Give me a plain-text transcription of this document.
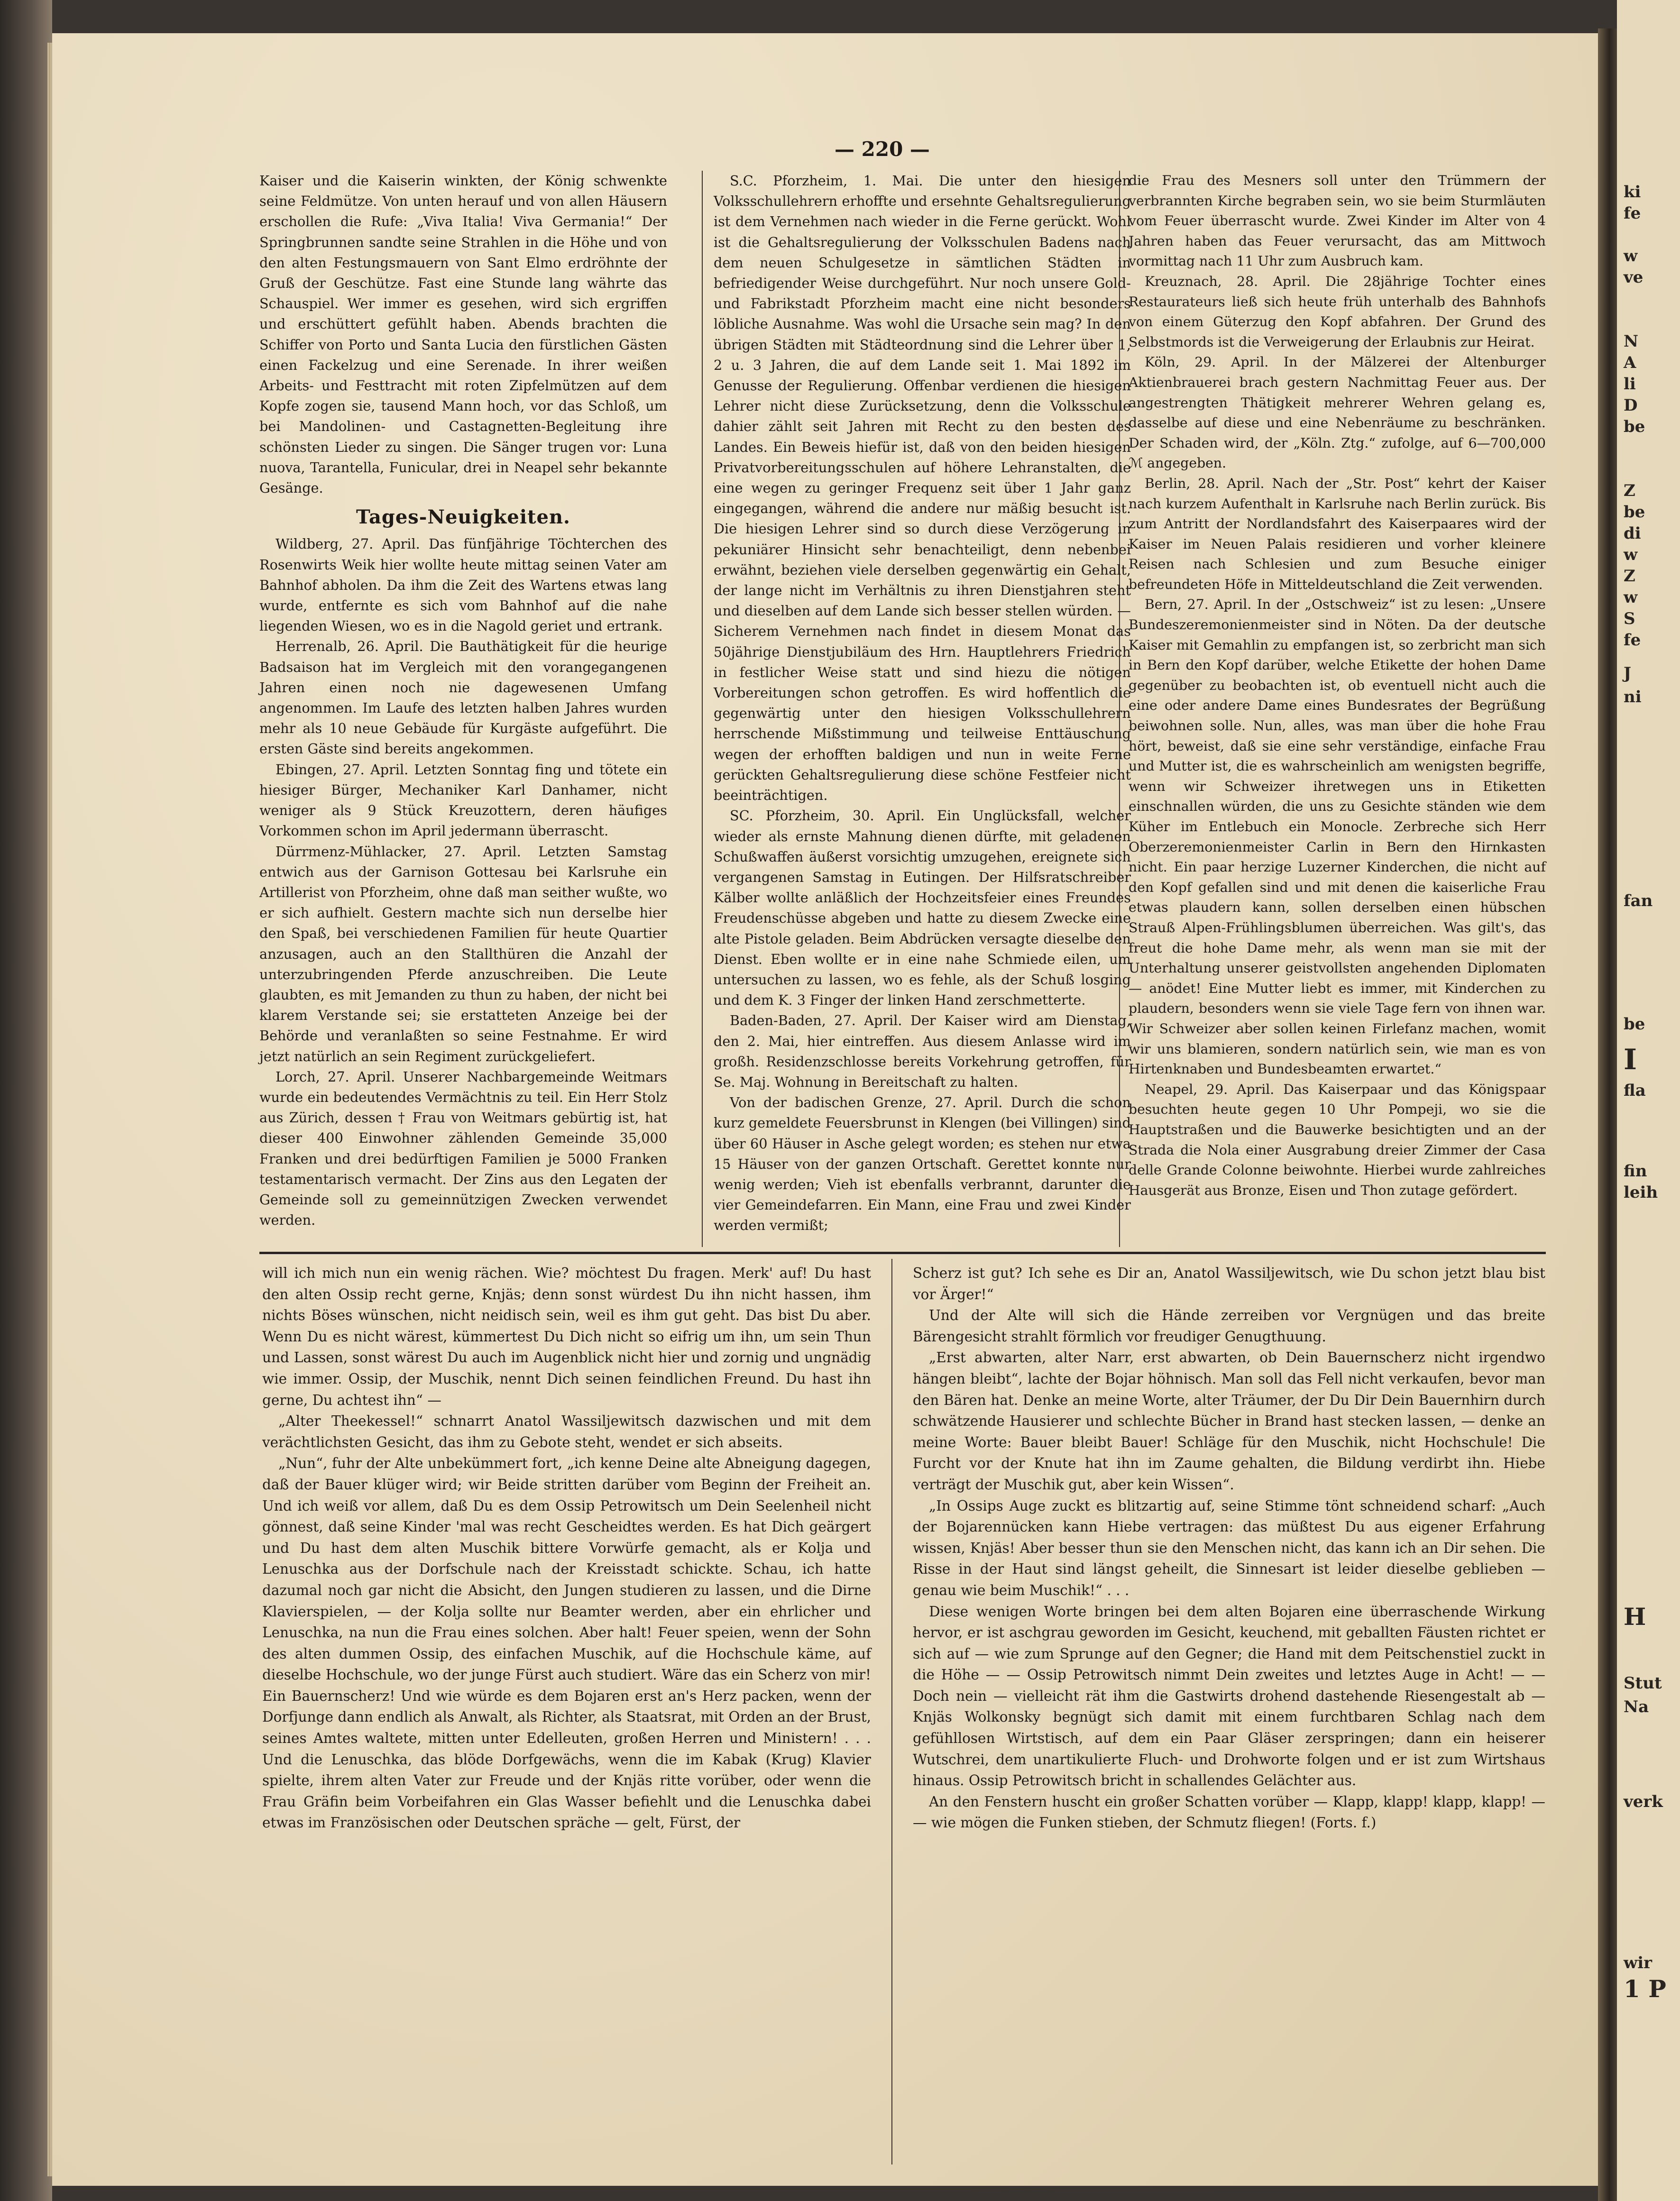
ki
fe
w
ve
N
A
li
D
be
Z
be
di
w
Z
w
S
fe
J
ni
fan
be
I
fla
fin
leih
H
Stut
Na
verk
wir
1 P
— 220 —

Kaiser und die Kaiserin winkten, der König schwenkte seine Feldmütze. Von unten herauf und von allen Häusern erschollen die Rufe: „Viva Italia! Viva Germania!“ Der Springbrunnen sandte seine Strahlen in die Höhe und von den alten Festungsmauern von Sant Elmo erdröhnte der Gruß der Geschütze. Fast eine Stunde lang währte das Schauspiel. Wer immer es gesehen, wird sich ergriffen und erschüttert gefühlt haben. Abends brachten die Schiffer von Porto und Santa Lucia den fürstlichen Gästen einen Fackelzug und eine Serenade. In ihrer weißen Arbeits- und Festtracht mit roten Zipfelmützen auf dem Kopfe zogen sie, tausend Mann hoch, vor das Schloß, um bei Mandolinen- und Castagnetten-Begleitung ihre schönsten Lieder zu singen. Die Sänger trugen vor: Luna nuova, Tarantella, Funicular, drei in Neapel sehr bekannte Gesänge.

Tages-Neuigkeiten.

Wildberg, 27. April. Das fünfjährige Töchterchen des Rosenwirts Weik hier wollte heute mittag seinen Vater am Bahnhof abholen. Da ihm die Zeit des Wartens etwas lang wurde, entfernte es sich vom Bahnhof auf die nahe liegenden Wiesen, wo es in die Nagold geriet und ertrank.

Herrenalb, 26. April. Die Bauthätigkeit für die heurige Badsaison hat im Vergleich mit den vorangegangenen Jahren einen noch nie dagewesenen Umfang angenommen. Im Laufe des letzten halben Jahres wurden mehr als 10 neue Gebäude für Kurgäste aufgeführt. Die ersten Gäste sind bereits angekommen.

Ebingen, 27. April. Letzten Sonntag fing und tötete ein hiesiger Bürger, Mechaniker Karl Danhamer, nicht weniger als 9 Stück Kreuzottern, deren häufiges Vorkommen schon im April jedermann überrascht.

Dürrmenz-Mühlacker, 27. April. Letzten Samstag entwich aus der Garnison Gottesau bei Karlsruhe ein Artillerist von Pforzheim, ohne daß man seither wußte, wo er sich aufhielt. Gestern machte sich nun derselbe hier den Spaß, bei verschiedenen Familien für heute Quartier anzusagen, auch an den Stallthüren die Anzahl der unterzubringenden Pferde anzuschreiben. Die Leute glaubten, es mit Jemanden zu thun zu haben, der nicht bei klarem Verstande sei; sie erstatteten Anzeige bei der Behörde und veranlaßten so seine Festnahme. Er wird jetzt natürlich an sein Regiment zurückgeliefert.

Lorch, 27. April. Unserer Nachbargemeinde Weitmars wurde ein bedeutendes Vermächtnis zu teil. Ein Herr Stolz aus Zürich, dessen † Frau von Weitmars gebürtig ist, hat dieser 400 Einwohner zählenden Gemeinde 35,000 Franken und drei bedürftigen Familien je 5000 Franken testamentarisch vermacht. Der Zins aus den Legaten der Gemeinde soll zu gemeinnützigen Zwecken verwendet werden.

S.C. Pforzheim, 1. Mai. Die unter den hiesigen Volksschullehrern erhoffte und ersehnte Gehaltsregulierung ist dem Vernehmen nach wieder in die Ferne gerückt. Wohl ist die Gehaltsregulierung der Volksschulen Badens nach dem neuen Schulgesetze in sämtlichen Städten in befriedigender Weise durchgeführt. Nur noch unsere Gold- und Fabrikstadt Pforzheim macht eine nicht besonders löbliche Ausnahme. Was wohl die Ursache sein mag? In den übrigen Städten mit Städteordnung sind die Lehrer über 1, 2 u. 3 Jahren, die auf dem Lande seit 1. Mai 1892 im Genusse der Regulierung. Offenbar verdienen die hiesigen Lehrer nicht diese Zurücksetzung, denn die Volksschule dahier zählt seit Jahren mit Recht zu den besten des Landes. Ein Beweis hiefür ist, daß von den beiden hiesigen Privatvorbereitungsschulen auf höhere Lehranstalten, die eine wegen zu geringer Frequenz seit über 1 Jahr ganz eingegangen, während die andere nur mäßig besucht ist. Die hiesigen Lehrer sind so durch diese Verzögerung in pekuniärer Hinsicht sehr benachteiligt, denn nebenbei erwähnt, beziehen viele derselben gegenwärtig ein Gehalt, der lange nicht im Verhältnis zu ihren Dienstjahren steht und dieselben auf dem Lande sich besser stellen würden. — Sicherem Vernehmen nach findet in diesem Monat das 50jährige Dienstjubiläum des Hrn. Hauptlehrers Friedrich in festlicher Weise statt und sind hiezu die nötigen Vorbereitungen schon getroffen. Es wird hoffentlich die gegenwärtig unter den hiesigen Volksschullehrern herrschende Mißstimmung und teilweise Enttäuschung wegen der erhofften baldigen und nun in weite Ferne gerückten Gehaltsregulierung diese schöne Festfeier nicht beeinträchtigen.

SC. Pforzheim, 30. April. Ein Unglücksfall, welcher wieder als ernste Mahnung dienen dürfte, mit geladenen Schußwaffen äußerst vorsichtig umzugehen, ereignete sich vergangenen Samstag in Eutingen. Der Hilfsratschreiber Kälber wollte anläßlich der Hochzeitsfeier eines Freundes Freudenschüsse abgeben und hatte zu diesem Zwecke eine alte Pistole geladen. Beim Abdrücken versagte dieselbe den Dienst. Eben wollte er in eine nahe Schmiede eilen, um untersuchen zu lassen, wo es fehle, als der Schuß losging und dem K. 3 Finger der linken Hand zerschmetterte.

Baden-Baden, 27. April. Der Kaiser wird am Dienstag, den 2. Mai, hier eintreffen. Aus diesem Anlasse wird im großh. Residenzschlosse bereits Vorkehrung getroffen, für Se. Maj. Wohnung in Bereitschaft zu halten.

Von der badischen Grenze, 27. April. Durch die schon kurz gemeldete Feuersbrunst in Klengen (bei Villingen) sind über 60 Häuser in Asche gelegt worden; es stehen nur etwa 15 Häuser von der ganzen Ortschaft. Gerettet konnte nur wenig werden; Vieh ist ebenfalls verbrannt, darunter die vier Gemeindefarren. Ein Mann, eine Frau und zwei Kinder werden vermißt;

die Frau des Mesners soll unter den Trümmern der verbrannten Kirche begraben sein, wo sie beim Sturmläuten vom Feuer überrascht wurde. Zwei Kinder im Alter von 4 Jahren haben das Feuer verursacht, das am Mittwoch vormittag nach 11 Uhr zum Ausbruch kam.

Kreuznach, 28. April. Die 28jährige Tochter eines Restaurateurs ließ sich heute früh unterhalb des Bahnhofs von einem Güterzug den Kopf abfahren. Der Grund des Selbstmords ist die Verweigerung der Erlaubnis zur Heirat.

Köln, 29. April. In der Mälzerei der Altenburger Aktienbrauerei brach gestern Nachmittag Feuer aus. Der angestrengten Thätigkeit mehrerer Wehren gelang es, dasselbe auf diese und eine Nebenräume zu beschränken. Der Schaden wird, der „Köln. Ztg.“ zufolge, auf 6—700,000 ℳ angegeben.

Berlin, 28. April. Nach der „Str. Post“ kehrt der Kaiser nach kurzem Aufenthalt in Karlsruhe nach Berlin zurück. Bis zum Antritt der Nordlandsfahrt des Kaiserpaares wird der Kaiser im Neuen Palais residieren und vorher kleinere Reisen nach Schlesien und zum Besuche einiger befreundeten Höfe in Mitteldeutschland die Zeit verwenden.

Bern, 27. April. In der „Ostschweiz“ ist zu lesen: „Unsere Bundeszeremonienmeister sind in Nöten. Da der deutsche Kaiser mit Gemahlin zu empfangen ist, so zerbricht man sich in Bern den Kopf darüber, welche Etikette der hohen Dame gegenüber zu beobachten ist, ob eventuell nicht auch die eine oder andere Dame eines Bundesrates der Begrüßung beiwohnen solle. Nun, alles, was man über die hohe Frau hört, beweist, daß sie eine sehr verständige, einfache Frau und Mutter ist, die es wahrscheinlich am wenigsten begriffe, wenn wir Schweizer ihretwegen uns in Etiketten einschnallen würden, die uns zu Gesichte ständen wie dem Küher im Entlebuch ein Monocle. Zerbreche sich Herr Oberzeremonienmeister Carlin in Bern den Hirnkasten nicht. Ein paar herzige Luzerner Kinderchen, die nicht auf den Kopf gefallen sind und mit denen die kaiserliche Frau etwas plaudern kann, sollen derselben einen hübschen Strauß Alpen-Frühlingsblumen überreichen. Was gilt's, das freut die hohe Dame mehr, als wenn man sie mit der Unterhaltung unserer geistvollsten angehenden Diplomaten — anödet! Eine Mutter liebt es immer, mit Kinderchen zu plaudern, besonders wenn sie viele Tage fern von ihnen war. Wir Schweizer aber sollen keinen Firlefanz machen, womit wir uns blamieren, sondern natürlich sein, wie man es von Hirtenknaben und Bundesbeamten erwartet.“

Neapel, 29. April. Das Kaiserpaar und das Königspaar besuchten heute gegen 10 Uhr Pompeji, wo sie die Hauptstraßen und die Bauwerke besichtigten und an der Strada die Nola einer Ausgrabung dreier Zimmer der Casa delle Grande Colonne beiwohnte. Hierbei wurde zahlreiches Hausgerät aus Bronze, Eisen und Thon zutage gefördert.

will ich mich nun ein wenig rächen. Wie? möchtest Du fragen. Merk' auf! Du hast den alten Ossip recht gerne, Knjäs; denn sonst würdest Du ihn nicht hassen, ihm nichts Böses wünschen, nicht neidisch sein, weil es ihm gut geht. Das bist Du aber. Wenn Du es nicht wärest, kümmertest Du Dich nicht so eifrig um ihn, um sein Thun und Lassen, sonst wärest Du auch im Augenblick nicht hier und zornig und ungnädig wie immer. Ossip, der Muschik, nennt Dich seinen feindlichen Freund. Du hast ihn gerne, Du achtest ihn“ —

„Alter Theekessel!“ schnarrt Anatol Wassiljewitsch dazwischen und mit dem verächtlichsten Gesicht, das ihm zu Gebote steht, wendet er sich abseits.

„Nun“, fuhr der Alte unbekümmert fort, „ich kenne Deine alte Abneigung dagegen, daß der Bauer klüger wird; wir Beide stritten darüber vom Beginn der Freiheit an. Und ich weiß vor allem, daß Du es dem Ossip Petrowitsch um Dein Seelenheil nicht gönnest, daß seine Kinder 'mal was recht Gescheidtes werden. Es hat Dich geärgert und Du hast dem alten Muschik bittere Vorwürfe gemacht, als er Kolja und Lenuschka aus der Dorfschule nach der Kreisstadt schickte. Schau, ich hatte dazumal noch gar nicht die Absicht, den Jungen studieren zu lassen, und die Dirne Klavierspielen, — der Kolja sollte nur Beamter werden, aber ein ehrlicher und Lenuschka, na nun die Frau eines solchen. Aber halt! Feuer speien, wenn der Sohn des alten dummen Ossip, des einfachen Muschik, auf die Hochschule käme, auf dieselbe Hochschule, wo der junge Fürst auch studiert. Wäre das ein Scherz von mir! Ein Bauernscherz! Und wie würde es dem Bojaren erst an's Herz packen, wenn der Dorfjunge dann endlich als Anwalt, als Richter, als Staatsrat, mit Orden an der Brust, seines Amtes waltete, mitten unter Edelleuten, großen Herren und Ministern! . . . Und die Lenuschka, das blöde Dorfgewächs, wenn die im Kabak (Krug) Klavier spielte, ihrem alten Vater zur Freude und der Knjäs ritte vorüber, oder wenn die Frau Gräfin beim Vorbeifahren ein Glas Wasser befiehlt und die Lenuschka dabei etwas im Französischen oder Deutschen spräche — gelt, Fürst, der

Scherz ist gut? Ich sehe es Dir an, Anatol Wassiljewitsch, wie Du schon jetzt blau bist vor Ärger!“

Und der Alte will sich die Hände zerreiben vor Vergnügen und das breite Bärengesicht strahlt förmlich vor freudiger Genugthuung.

„Erst abwarten, alter Narr, erst abwarten, ob Dein Bauernscherz nicht irgendwo hängen bleibt“, lachte der Bojar höhnisch. Man soll das Fell nicht verkaufen, bevor man den Bären hat. Denke an meine Worte, alter Träumer, der Du Dir Dein Bauernhirn durch schwätzende Hausierer und schlechte Bücher in Brand hast stecken lassen, — denke an meine Worte: Bauer bleibt Bauer! Schläge für den Muschik, nicht Hochschule! Die Furcht vor der Knute hat ihn im Zaume gehalten, die Bildung verdirbt ihn. Hiebe verträgt der Muschik gut, aber kein Wissen“.

„In Ossips Auge zuckt es blitzartig auf, seine Stimme tönt schneidend scharf: „Auch der Bojarennücken kann Hiebe vertragen: das müßtest Du aus eigener Erfahrung wissen, Knjäs! Aber besser thun sie den Menschen nicht, das kann ich an Dir sehen. Die Risse in der Haut sind längst geheilt, die Sinnesart ist leider dieselbe geblieben — genau wie beim Muschik!“ . . .

Diese wenigen Worte bringen bei dem alten Bojaren eine überraschende Wirkung hervor, er ist aschgrau geworden im Gesicht, keuchend, mit geballten Fäusten richtet er sich auf — wie zum Sprunge auf den Gegner; die Hand mit dem Peitschenstiel zuckt in die Höhe — — Ossip Petrowitsch nimmt Dein zweites und letztes Auge in Acht! — — Doch nein — vielleicht rät ihm die Gastwirts drohend dastehende Riesengestalt ab — Knjäs Wolkonsky begnügt sich damit mit einem furchtbaren Schlag nach dem gefühllosen Wirtstisch, auf dem ein Paar Gläser zerspringen; dann ein heiserer Wutschrei, dem unartikulierte Fluch- und Drohworte folgen und er ist zum Wirtshaus hinaus. Ossip Petrowitsch bricht in schallendes Gelächter aus.

An den Fenstern huscht ein großer Schatten vorüber — Klapp, klapp! klapp, klapp! — — wie mögen die Funken stieben, der Schmutz fliegen! (Forts. f.)
